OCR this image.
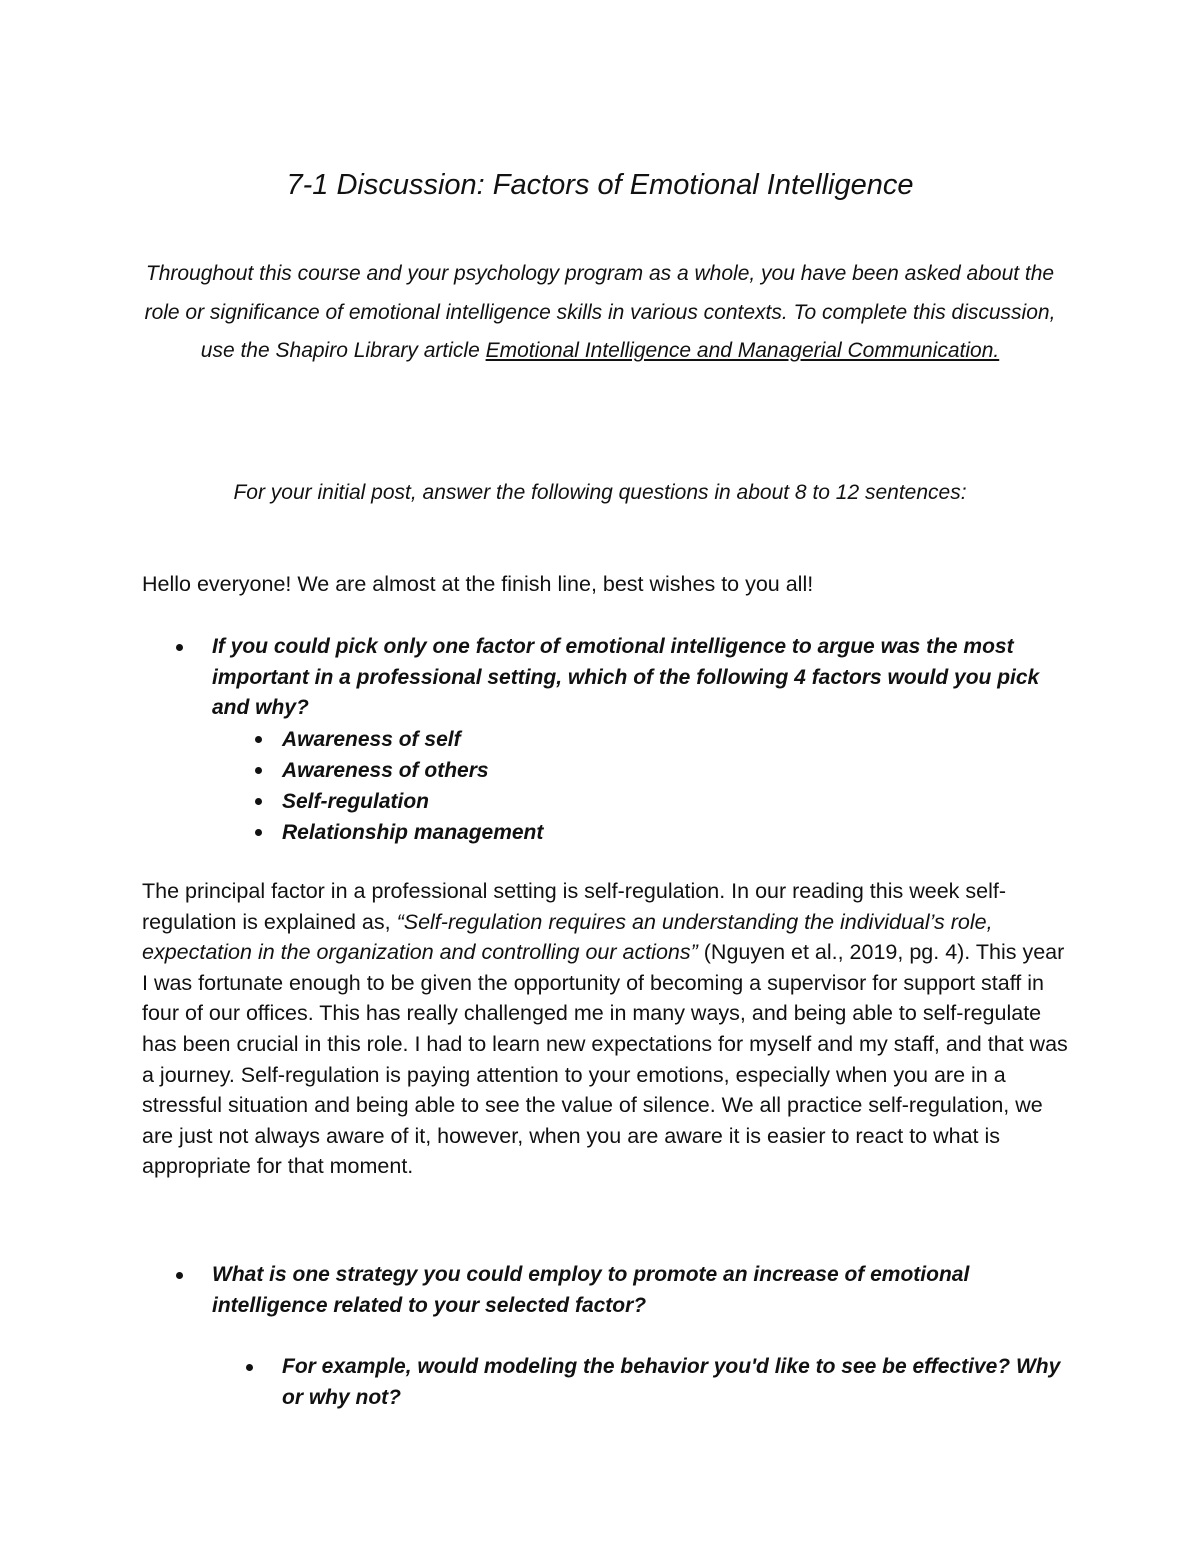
7-1 Discussion: Factors of Emotional Intelligence

Throughout this course and your psychology program as a whole, you have been asked about the role or significance of emotional intelligence skills in various contexts. To complete this discussion, use the Shapiro Library article Emotional Intelligence and Managerial Communication.

For your initial post, answer the following questions in about 8 to 12 sentences:

Hello everyone! We are almost at the finish line, best wishes to you all!

If you could pick only one factor of emotional intelligence to argue was the most important in a professional setting, which of the following 4 factors would you pick and why?
Awareness of self
Awareness of others
Self-regulation
Relationship management

The principal factor in a professional setting is self-regulation. In our reading this week self-regulation is explained as, “Self-regulation requires an understanding the individual’s role, expectation in the organization and controlling our actions” (Nguyen et al., 2019, pg. 4). This year I was fortunate enough to be given the opportunity of becoming a supervisor for support staff in four of our offices. This has really challenged me in many ways, and being able to self-regulate has been crucial in this role. I had to learn new expectations for myself and my staff, and that was a journey. Self-regulation is paying attention to your emotions, especially when you are in a stressful situation and being able to see the value of silence. We all practice self-regulation, we are just not always aware of it, however, when you are aware it is easier to react to what is appropriate for that moment.

What is one strategy you could employ to promote an increase of emotional intelligence related to your selected factor?
For example, would modeling the behavior you'd like to see be effective? Why or why not?
